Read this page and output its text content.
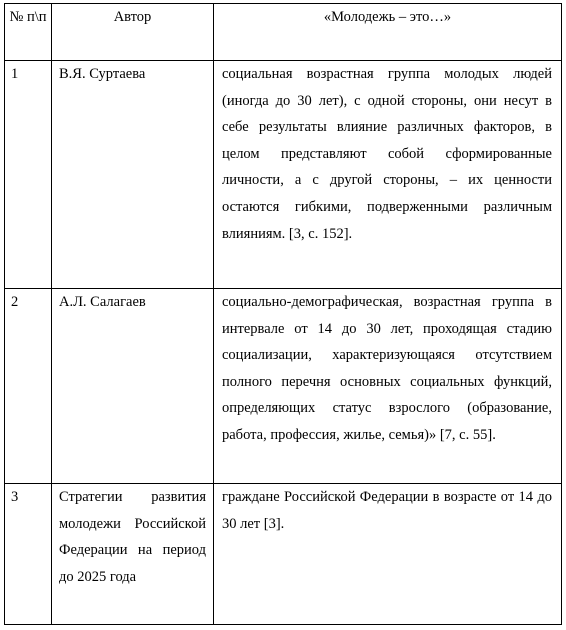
№ п\п	Автор	«Молодежь – это…»
1	В.Я. Суртаева	социальная возрастная группа молодых людей (иногда до 30 лет), с одной стороны, они несут в себе результаты влияние различных факторов, в целом представляют собой сформированные личности, а с другой стороны, – их ценности остаются гибкими, подверженными различным влияниям. [3, с. 152].
2	А.Л. Салагаев	социально-демографическая, возрастная группа в интервале от 14 до 30 лет, проходящая стадию социализации, характеризующаяся отсутствием полного перечня основных социальных функций, определяющих статус взрослого (образование, работа, профессия, жилье, семья)» [7, с. 55].
3	Стратегии развития молодежи Российской Федерации на период до 2025 года	граждане Российской Федерации в возрасте от 14 до 30 лет [3].
